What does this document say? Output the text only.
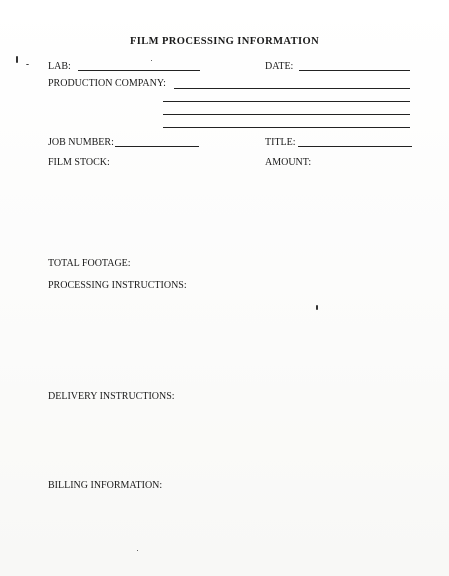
FILM PROCESSING INFORMATION
LAB:	DATE:
PRODUCTION COMPANY:
JOB NUMBER:	TITLE:
FILM STOCK:	AMOUNT:
TOTAL FOOTAGE:
PROCESSING INSTRUCTIONS:
DELIVERY INSTRUCTIONS:
BILLING INFORMATION:
